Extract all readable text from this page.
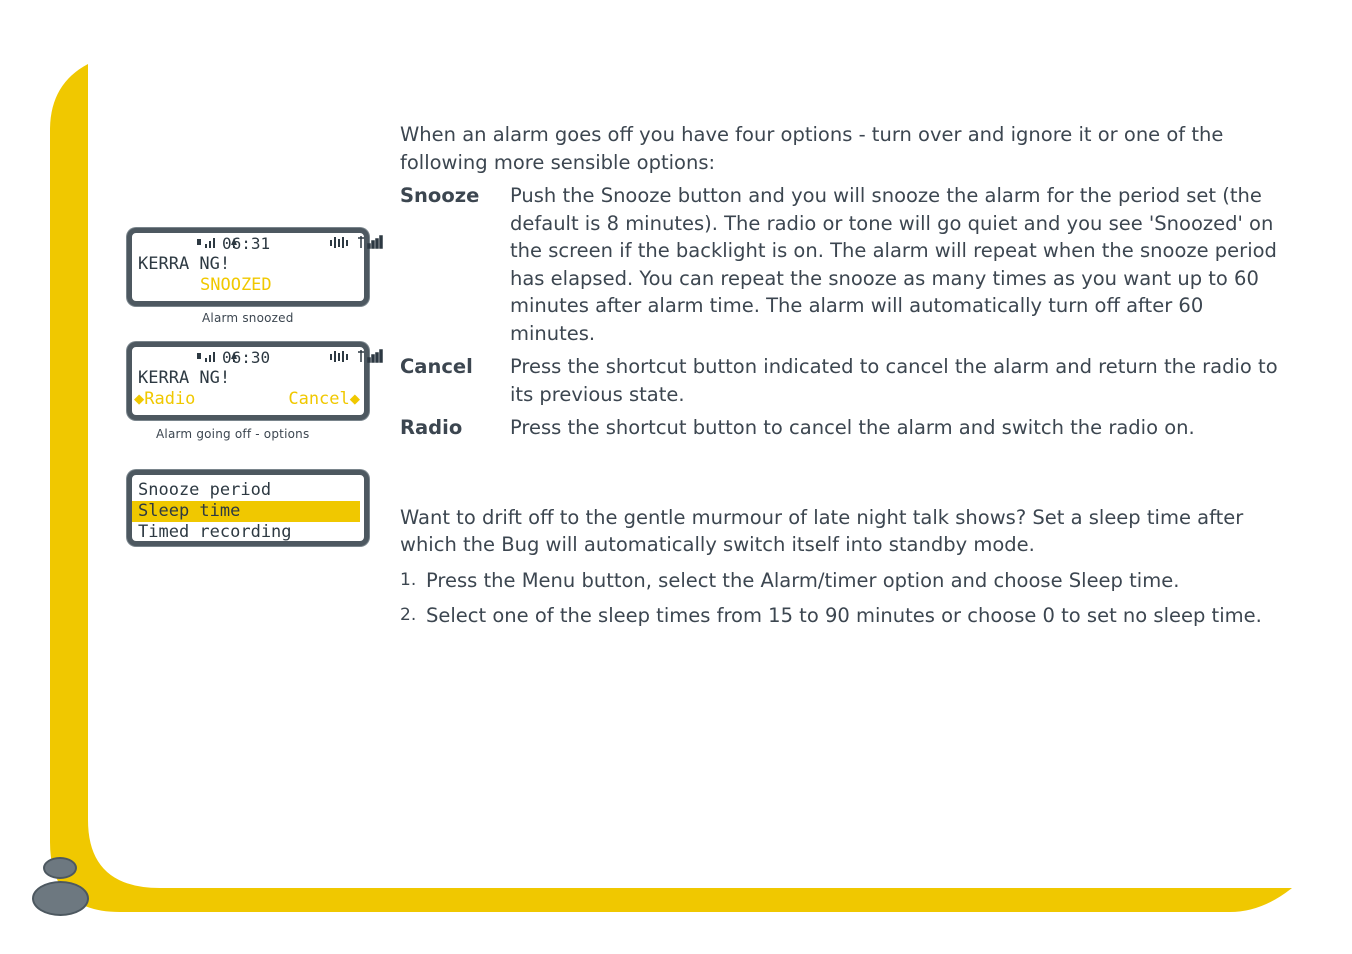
06:31

KERRA NG!
SNOOZED
Alarm snoozed

06:30

KERRA NG!
◆Radio	Cancel◆
Alarm going off - options
Snooze period
Sleep time
Timed recording

When an alarm goes off you have four options - turn over and ignore it or one of the following more sensible options:

Snooze	Push the Snooze button and you will snooze the alarm for the period set (the default is 8 minutes). The radio or tone will go quiet and you see 'Snoozed' on the screen if the backlight is on. The alarm will repeat when the snooze period has elapsed. You can repeat the snooze as many times as you want up to 60 minutes after alarm time. The alarm will automatically turn off after 60 minutes.
Cancel	Press the shortcut button indicated to cancel the alarm and return the radio to its previous state.
Radio	Press the shortcut button to cancel the alarm and switch the radio on.

Want to drift off to the gentle murmour of late night talk shows? Set a sleep time after which the Bug will automatically switch itself into standby mode.

1. Press the Menu button, select the Alarm/timer option and choose Sleep time.
2. Select one of the sleep times from 15 to 90 minutes or choose 0 to set no sleep time.
